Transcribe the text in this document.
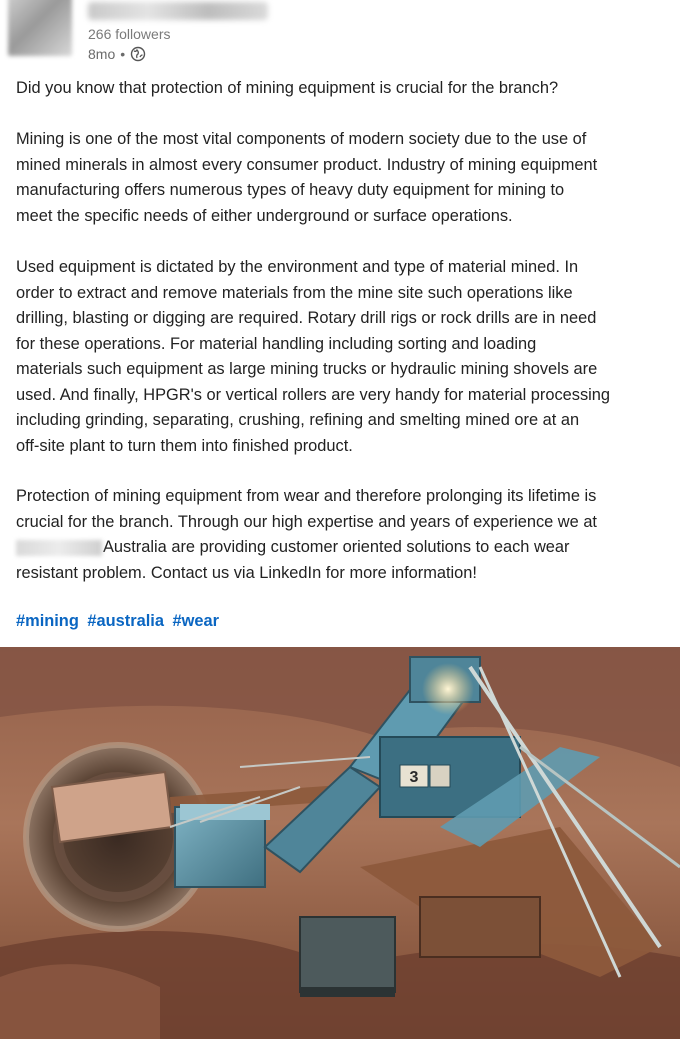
266 followers
8mo •
Did you know that protection of mining equipment is crucial for the branch?
Mining is one of the most vital components of modern society due to the use of
mined minerals in almost every consumer product. Industry of mining equipment
manufacturing offers numerous types of heavy duty equipment for mining to
meet the specific needs of either underground or surface operations.
Used equipment is dictated by the environment and type of material mined. In
order to extract and remove materials from the mine site such operations like
drilling, blasting or digging are required. Rotary drill rigs or rock drills are in need
for these operations. For material handling including sorting and loading
materials such equipment as large mining trucks or hydraulic mining shovels are
used. And finally, HPGR's or vertical rollers are very handy for material processing
including grinding, separating, crushing, refining and smelting mined ore at an
off-site plant to turn them into finished product.
Protection of mining equipment from wear and therefore prolonging its lifetime is
crucial for the branch. Through our high expertise and years of experience we at
Australia are providing customer oriented solutions to each wear
resistant problem. Contact us via LinkedIn for more information!
#mining #australia #wear
3
